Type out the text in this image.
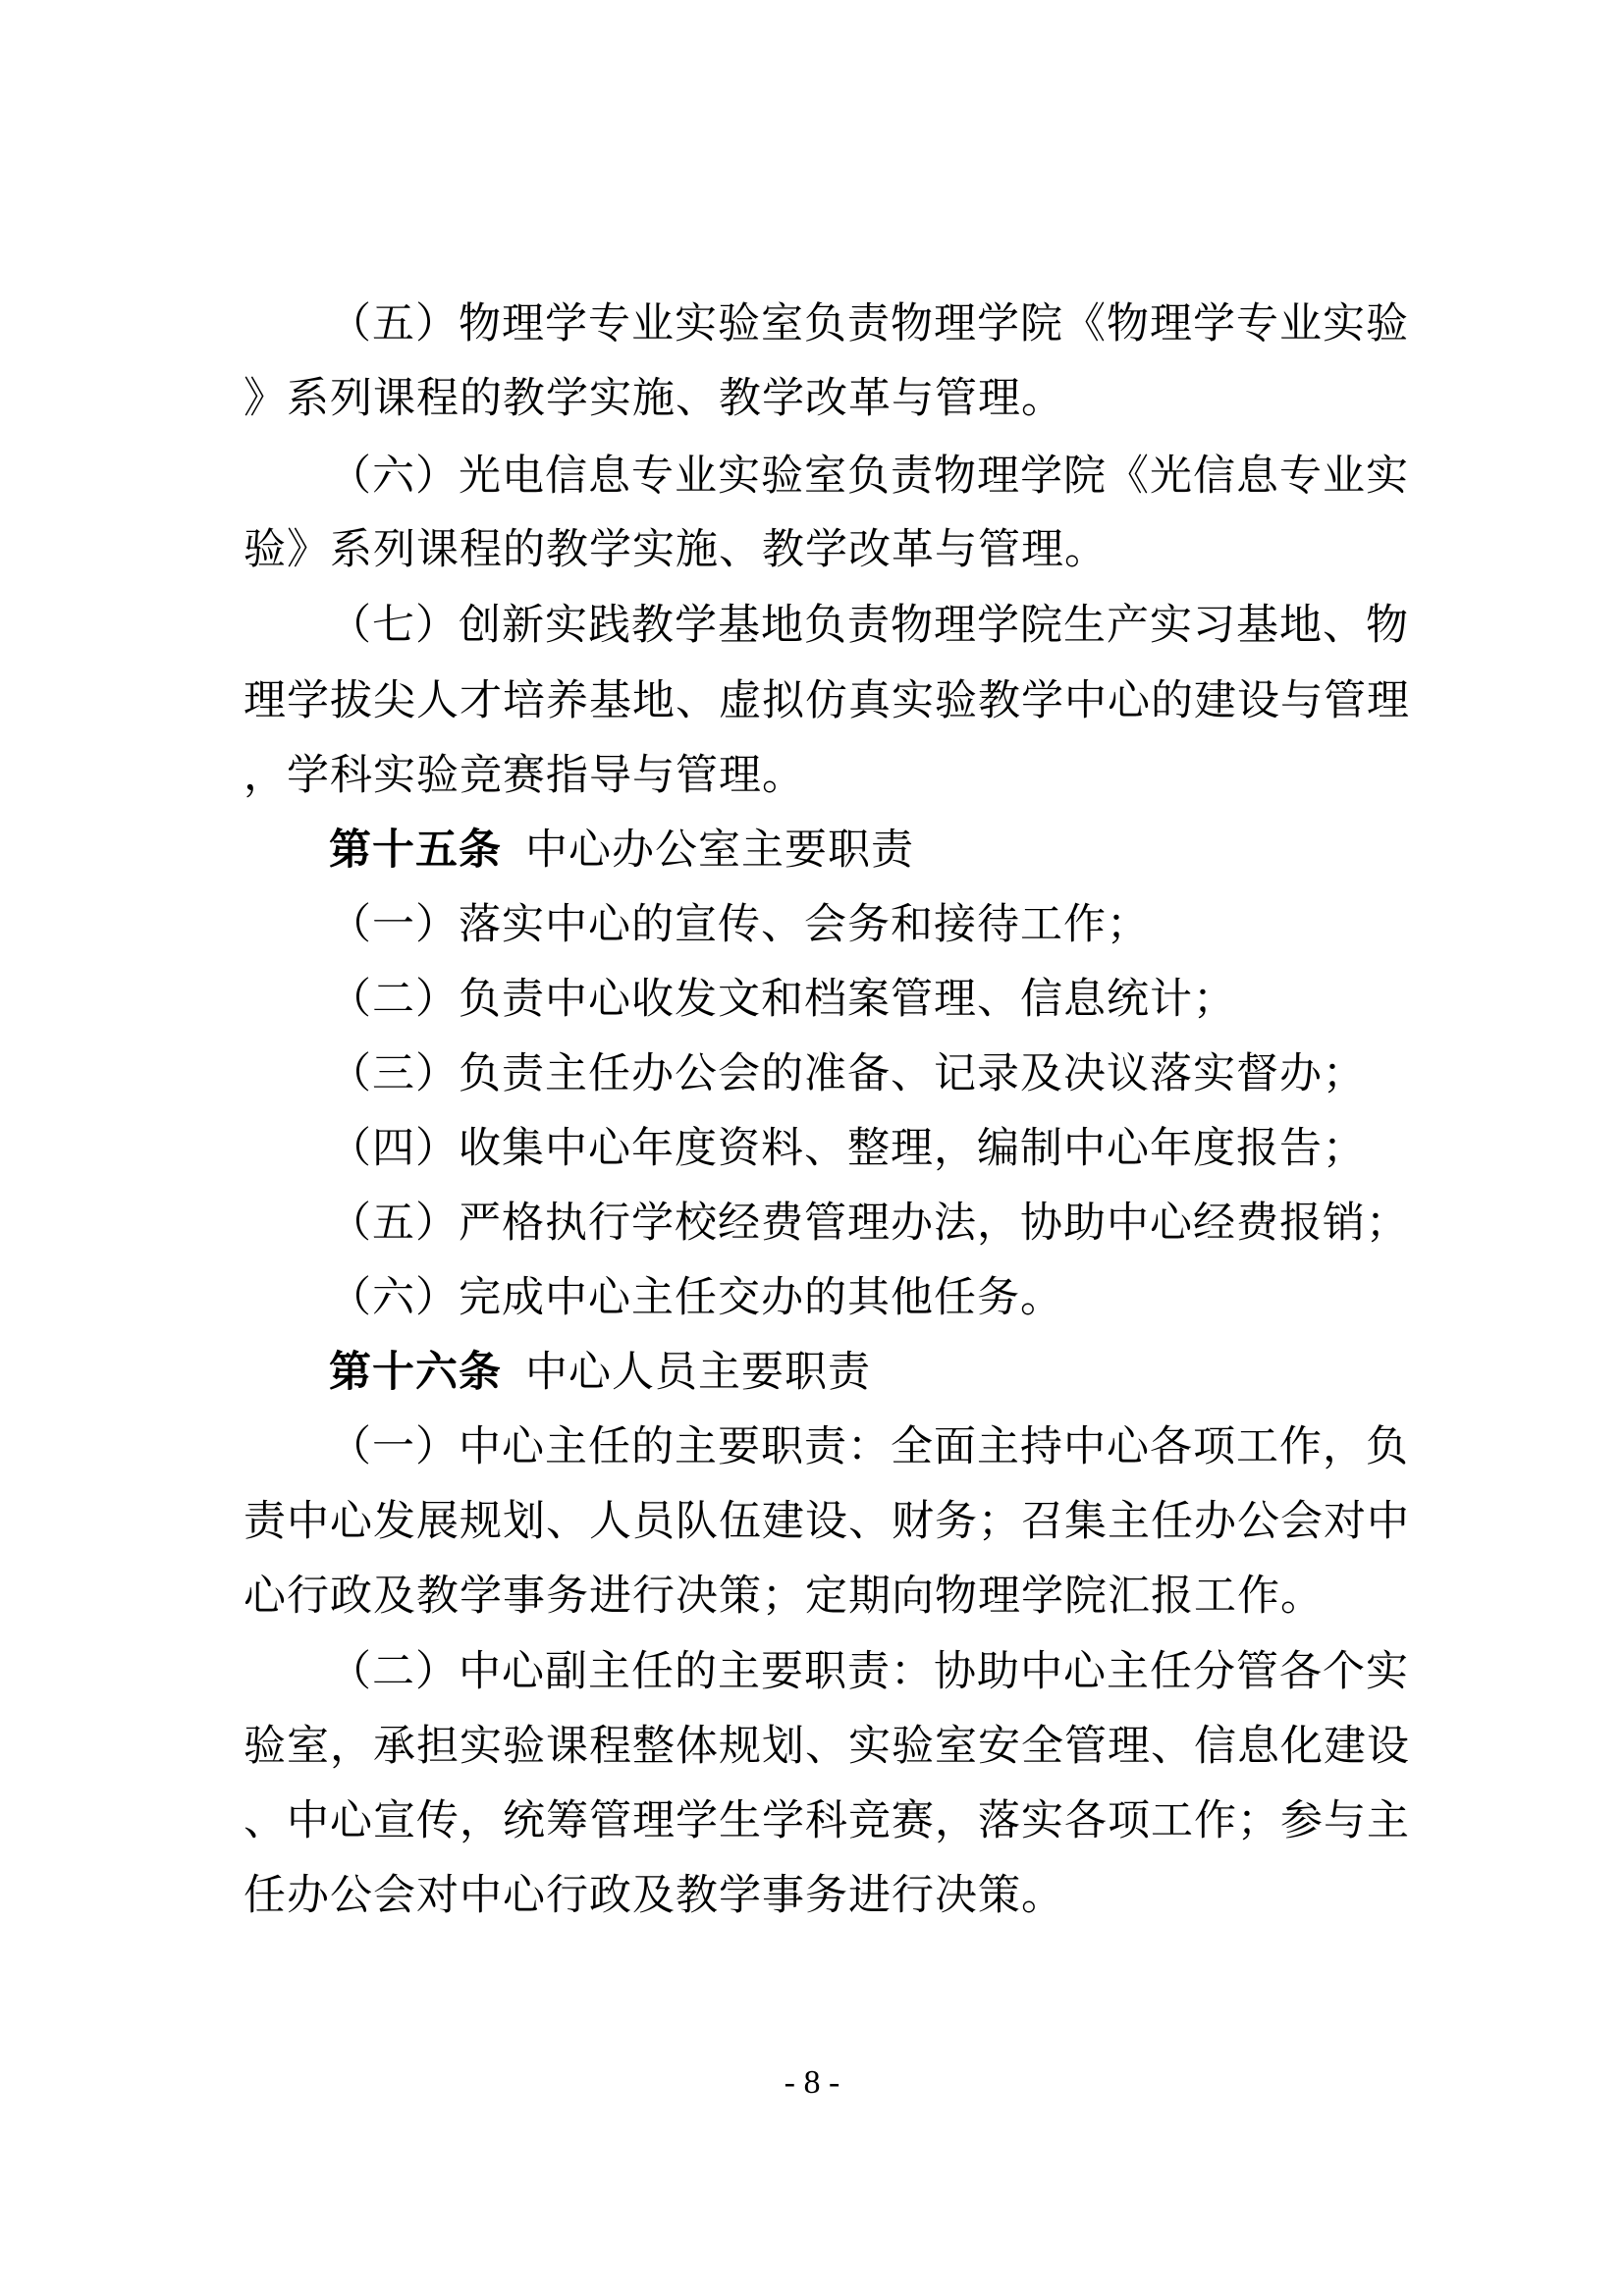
（五）物理学专业实验室负责物理学院《物理学专业实验
》系列课程的教学实施、教学改革与管理。
（六）光电信息专业实验室负责物理学院《光信息专业实
验》系列课程的教学实施、教学改革与管理。
（七）创新实践教学基地负责物理学院生产实习基地、物
理学拔尖人才培养基地、虚拟仿真实验教学中心的建设与管理
，学科实验竞赛指导与管理。
第十五条 中心办公室主要职责
（一）落实中心的宣传、会务和接待工作；
（二）负责中心收发文和档案管理、信息统计；
（三）负责主任办公会的准备、记录及决议落实督办；
（四）收集中心年度资料、整理，编制中心年度报告；
（五）严格执行学校经费管理办法，协助中心经费报销；
（六）完成中心主任交办的其他任务。
第十六条 中心人员主要职责
（一）中心主任的主要职责：全面主持中心各项工作，负
责中心发展规划、人员队伍建设、财务；召集主任办公会对中
心行政及教学事务进行决策；定期向物理学院汇报工作。
（二）中心副主任的主要职责：协助中心主任分管各个实
验室，承担实验课程整体规划、实验室安全管理、信息化建设
、中心宣传，统筹管理学生学科竞赛，落实各项工作；参与主
任办公会对中心行政及教学事务进行决策。
- 8 -
